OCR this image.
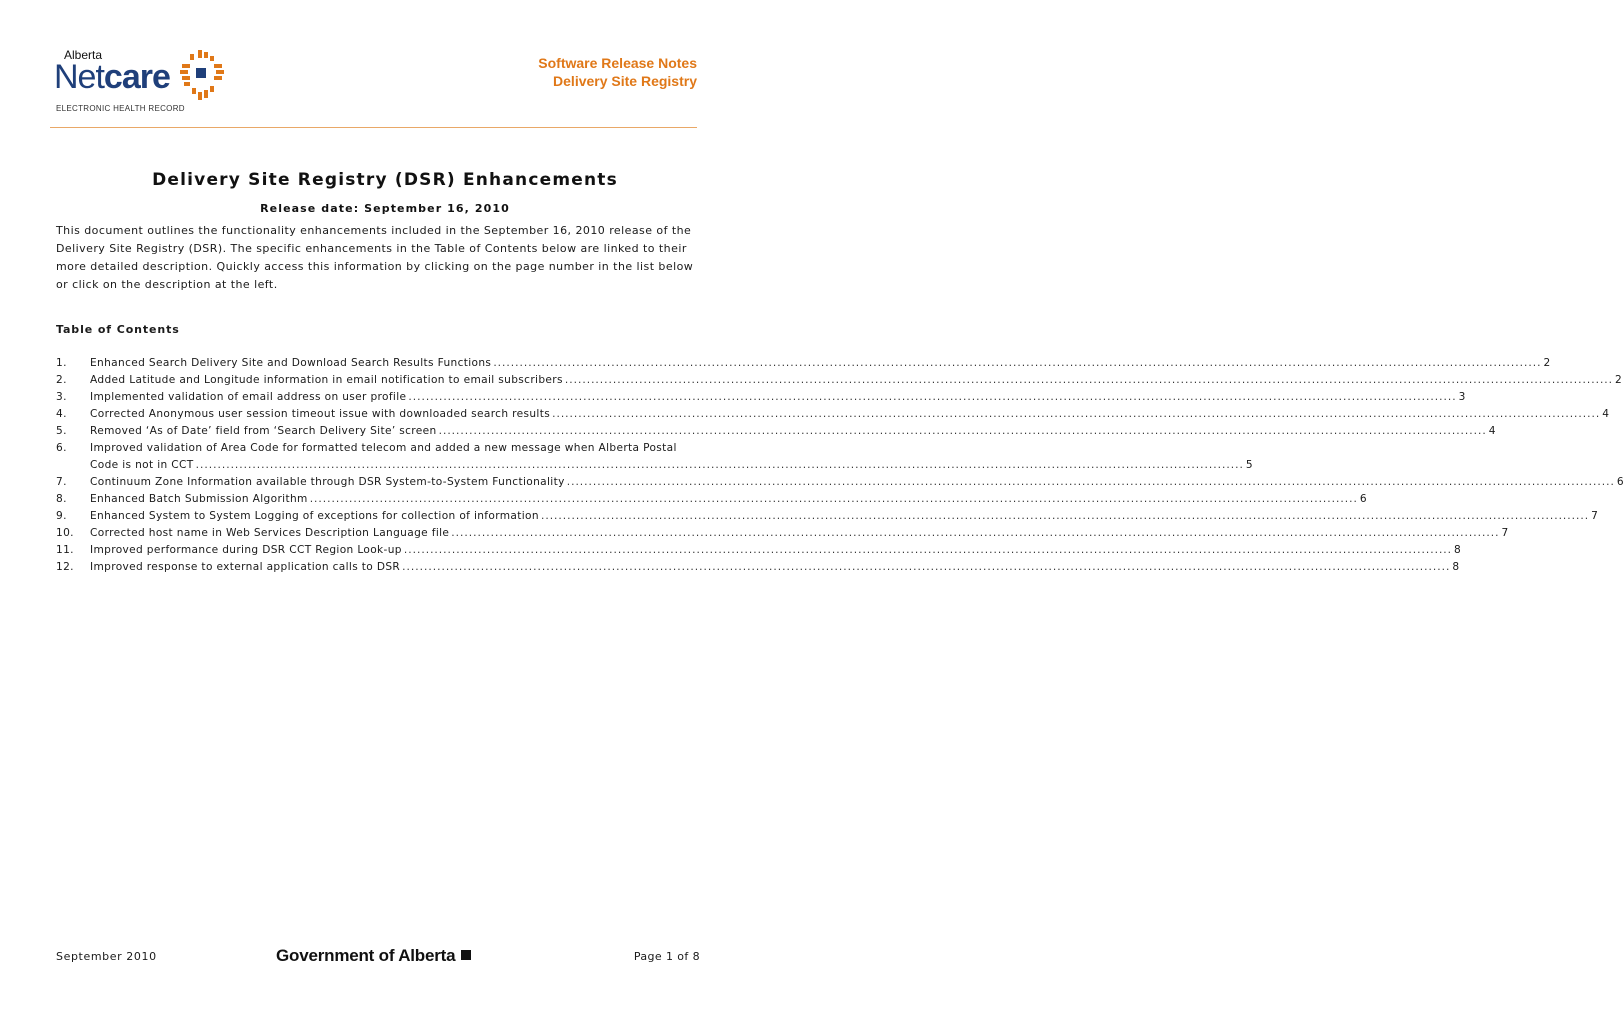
Alberta
Netcare
ELECTRONIC HEALTH RECORD
Software Release Notes
Delivery Site Registry
Delivery Site Registry (DSR) Enhancements
Release date: September 16, 2010
This document outlines the functionality enhancements included in the September 16, 2010 release of the Delivery Site Registry (DSR). The specific enhancements in the Table of Contents below are linked to their more detailed description. Quickly access this information by clicking on the page number in the list below or click on the description at the left.
Table of Contents
1.	Enhanced Search Delivery Site and Download Search Results Functions .....	2
2.	Added Latitude and Longitude information in email notification to email subscribers .....	2
3.	Implemented validation of email address on user profile .....	3
4.	Corrected Anonymous user session timeout issue with downloaded search results .....	4
5.	Removed ‘As of Date’ field from ‘Search Delivery Site’ screen .....	4
6.	Improved validation of Area Code for formatted telecom and added a new message when Alberta Postal
Code is not in CCT .....	5
7.	Continuum Zone Information available through DSR System-to-System Functionality .....	6
8.	Enhanced Batch Submission Algorithm .....	6
9.	Enhanced System to System Logging of exceptions for collection of information .....	7
10.	Corrected host name in Web Services Description Language file .....	7
11.	Improved performance during DSR CCT Region Look-up .....	8
12.	Improved response to external application calls to DSR .....	8
September 2010	Government of Alberta	Page 1 of 8
